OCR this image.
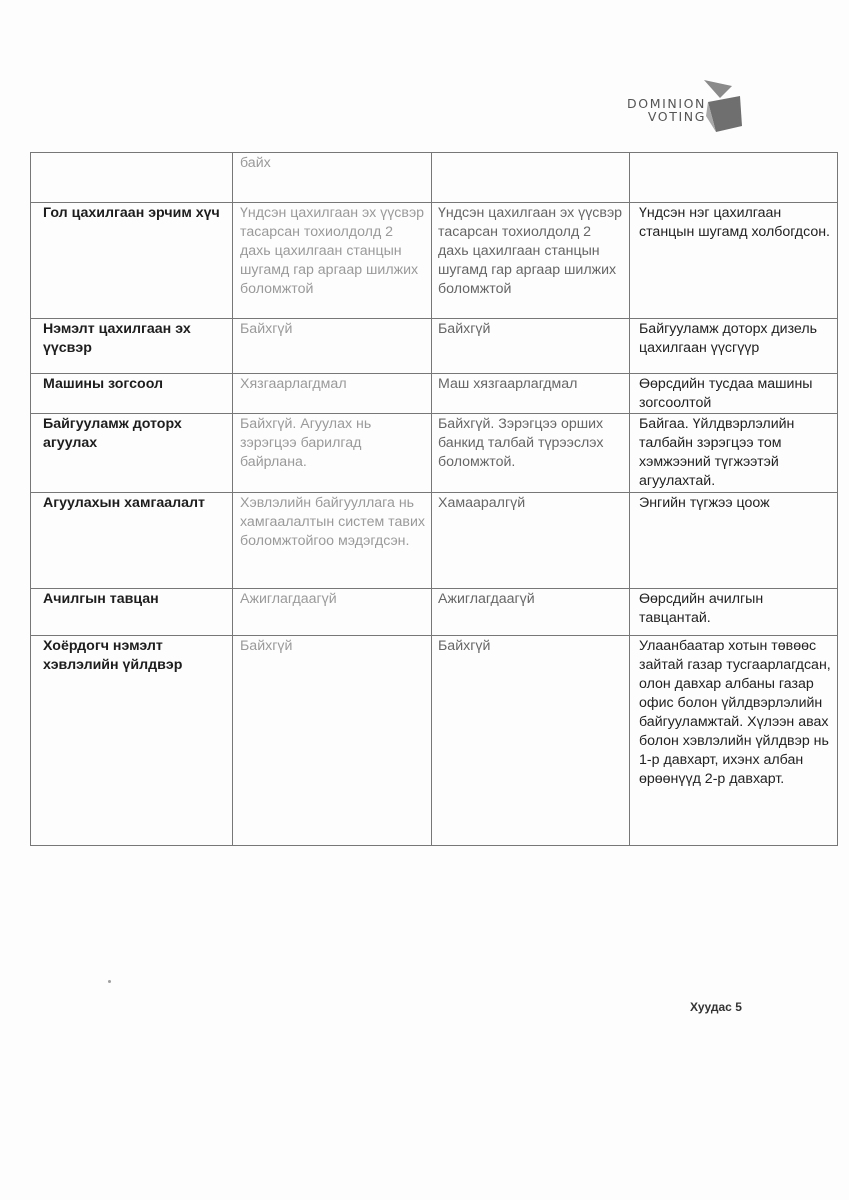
DOMINION
VOTING
	байх		
Гол цахилгаан эрчим хүч	Үндсэн цахилгаан эх үүсвэр тасарсан тохиолдолд 2 дахь цахилгаан станцын шугамд гар аргаар шилжих боломжтой	Үндсэн цахилгаан эх үүсвэр тасарсан тохиолдолд 2 дахь цахилгаан станцын шугамд гар аргаар шилжих боломжтой	Үндсэн нэг цахилгаан станцын шугамд холбогдсон.
Нэмэлт цахилгаан эх үүсвэр	Байхгүй	Байхгүй	Байгууламж доторх дизель цахилгаан үүсгүүр
Машины зогсоол	Хязгаарлагдмал	Маш хязгаарлагдмал	Өөрсдийн тусдаа машины зогсоолтой
Байгууламж доторх агуулах	Байхгүй. Агуулах нь зэрэгцээ барилгад байрлана.	Байхгүй. Зэрэгцээ орших банкид талбай түрээслэх боломжтой.	Байгаа. Үйлдвэрлэлийн талбайн зэрэгцээ том хэмжээний түгжээтэй агуулахтай.
Агуулахын хамгаалалт	Хэвлэлийн байгууллага нь хамгаалалтын систем тавих боломжтойгоо мэдэгдсэн.	Хамааралгүй	Энгийн түгжээ цоож
Ачилгын тавцан	Ажиглагдаагүй	Ажиглагдаагүй	Өөрсдийн ачилгын тавцантай.
Хоёрдогч нэмэлт хэвлэлийн үйлдвэр	Байхгүй	Байхгүй	Улаанбаатар хотын төвөөс зайтай газар тусгаарлагдсан, олон давхар албаны газар офис болон үйлдвэрлэлийн байгууламжтай. Хүлээн авах болон хэвлэлийн үйлдвэр нь 1-р давхарт, ихэнх албан өрөөнүүд 2-р давхарт.
Хуудас 5
